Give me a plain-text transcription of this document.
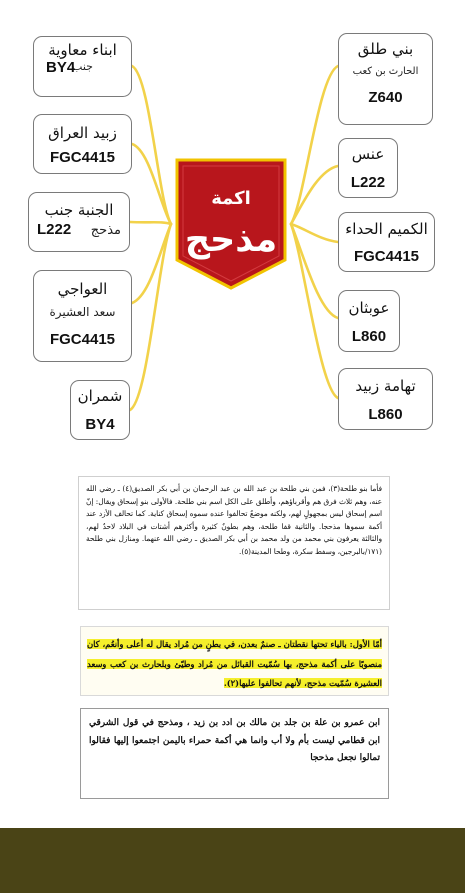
ابناء معاوية
جنب
BY4
زبيد العراق
FGC4415
الجنبة جنب
مذحج
L222
العواجي
سعد العشيرة
FGC4415
شمران
BY4
بني طلق
الحارث بن كعب
Z640
عنس
L222
الكميم الحداء
FGC4415
عوبثان
L860
تهامة زبيد
L860
اكمة
مذحج
فأما بنو طلحة(٣)، فمن بني طلحة بن عبد الله بن عبد الرحمان بن أبي بكر الصديق(٤) ـ رضي الله عنه، وهم ثلاث فرق هم وأقرباؤهم، وأطلق على الكل اسم بني طلحة. فالأولى بنو إسحاق ويقال: إنّ اسم إسحاق ليس بمجهولٍ لهم، ولكنه موضعٌ تحالفوا عنده سموه إسحاق كناية. كما تحالف الأزد عند أكمة سموها مذحجا. والثانية قفا طلحة، وهم بطونٌ كثيرة وأكثرهم أشتات في البلاد لاحدٌ لهم، والثالثة يعرفون بني محمد من ولد محمد بن أبي بكر الصديق ـ رضي الله عنهما. ومنازل بني طلحة (١٧١/بالبرجين، وسفط سكرة، وطحا المدينة(٥).
أمّا الأول: بالياء تحتها نقطتان ـ صنمٌ بعدن، في بطنٍ من مُراد يقال له أعلى وأنعُم، كان منصوبًا على أكمة مذحج، بها سُمّيت القبائل من مُراد وطيّئ وبلحارث بن كعب وسعد العشيرة سُمّيت مذحج، لأنهم تحالفوا عليها(٢).
ابن عمرو بن علة بن جلد بن مالك بن ادد بن زيد ، ومذحج في قول الشرقي ابن قطامي ليست بأم ولا أب وانما هي أكمة حمراء باليمن اجتمعوا إليها فقالوا تمالوا نجعل مذحجا
